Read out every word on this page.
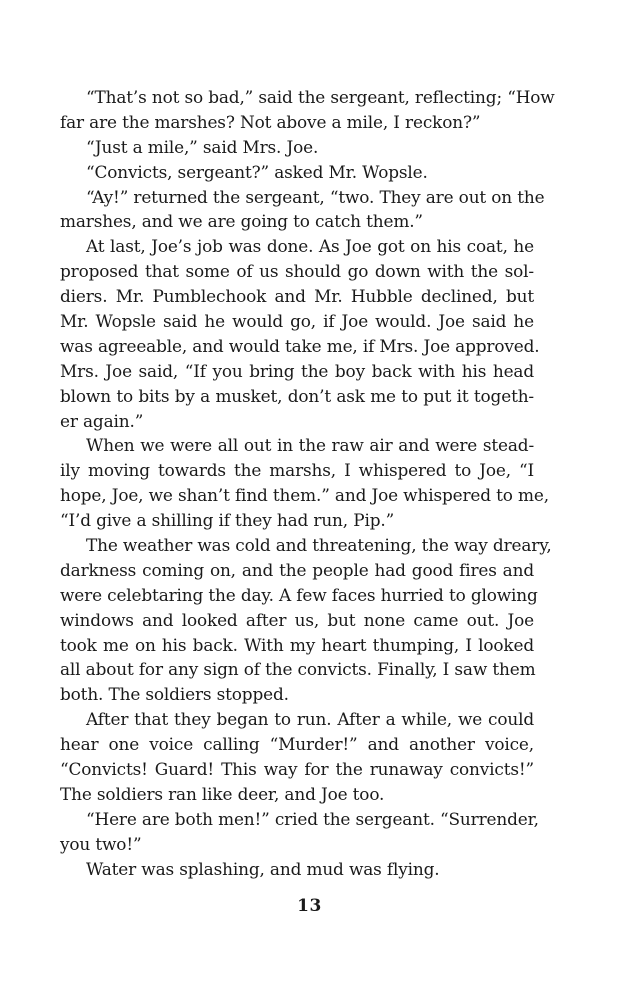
“That’s not so bad,” said the sergeant, reflecting; “How
far are the marshes? Not above a mile, I reckon?”
“Just a mile,” said Mrs. Joe.
“Convicts, sergeant?” asked Mr. Wopsle.
“Ay!” returned the sergeant, “two. They are out on the
marshes, and we are going to catch them.”
At last, Joe’s job was done. As Joe got on his coat, he
proposed that some of us should go down with the sol-
diers. Mr. Pumblechook and Mr. Hubble declined, but
Mr. Wopsle said he would go, if Joe would. Joe said he
was agreeable, and would take me, if Mrs. Joe approved.
Mrs. Joe said, “If you bring the boy back with his head
blown to bits by a musket, don’t ask me to put it togeth-
er again.”
When we were all out in the raw air and were stead-
ily moving towards the marshs, I whispered to Joe, “I
hope, Joe, we shan’t find them.” and Joe whispered to me,
“I’d give a shilling if they had run, Pip.”
The weather was cold and threatening, the way dreary,
darkness coming on, and the people had good fires and
were celebtaring the day. A few faces hurried to glowing
windows and looked after us, but none came out. Joe
took me on his back. With my heart thumping, I looked
all about for any sign of the convicts. Finally, I saw them
both. The soldiers stopped.
After that they began to run. After a while, we could
hear one voice calling “Murder!” and another voice,
“Convicts! Guard! This way for the runaway convicts!”
The soldiers ran like deer, and Joe too.
“Here are both men!” cried the sergeant. “Surrender,
you two!”
Water was splashing, and mud was flying.
13
